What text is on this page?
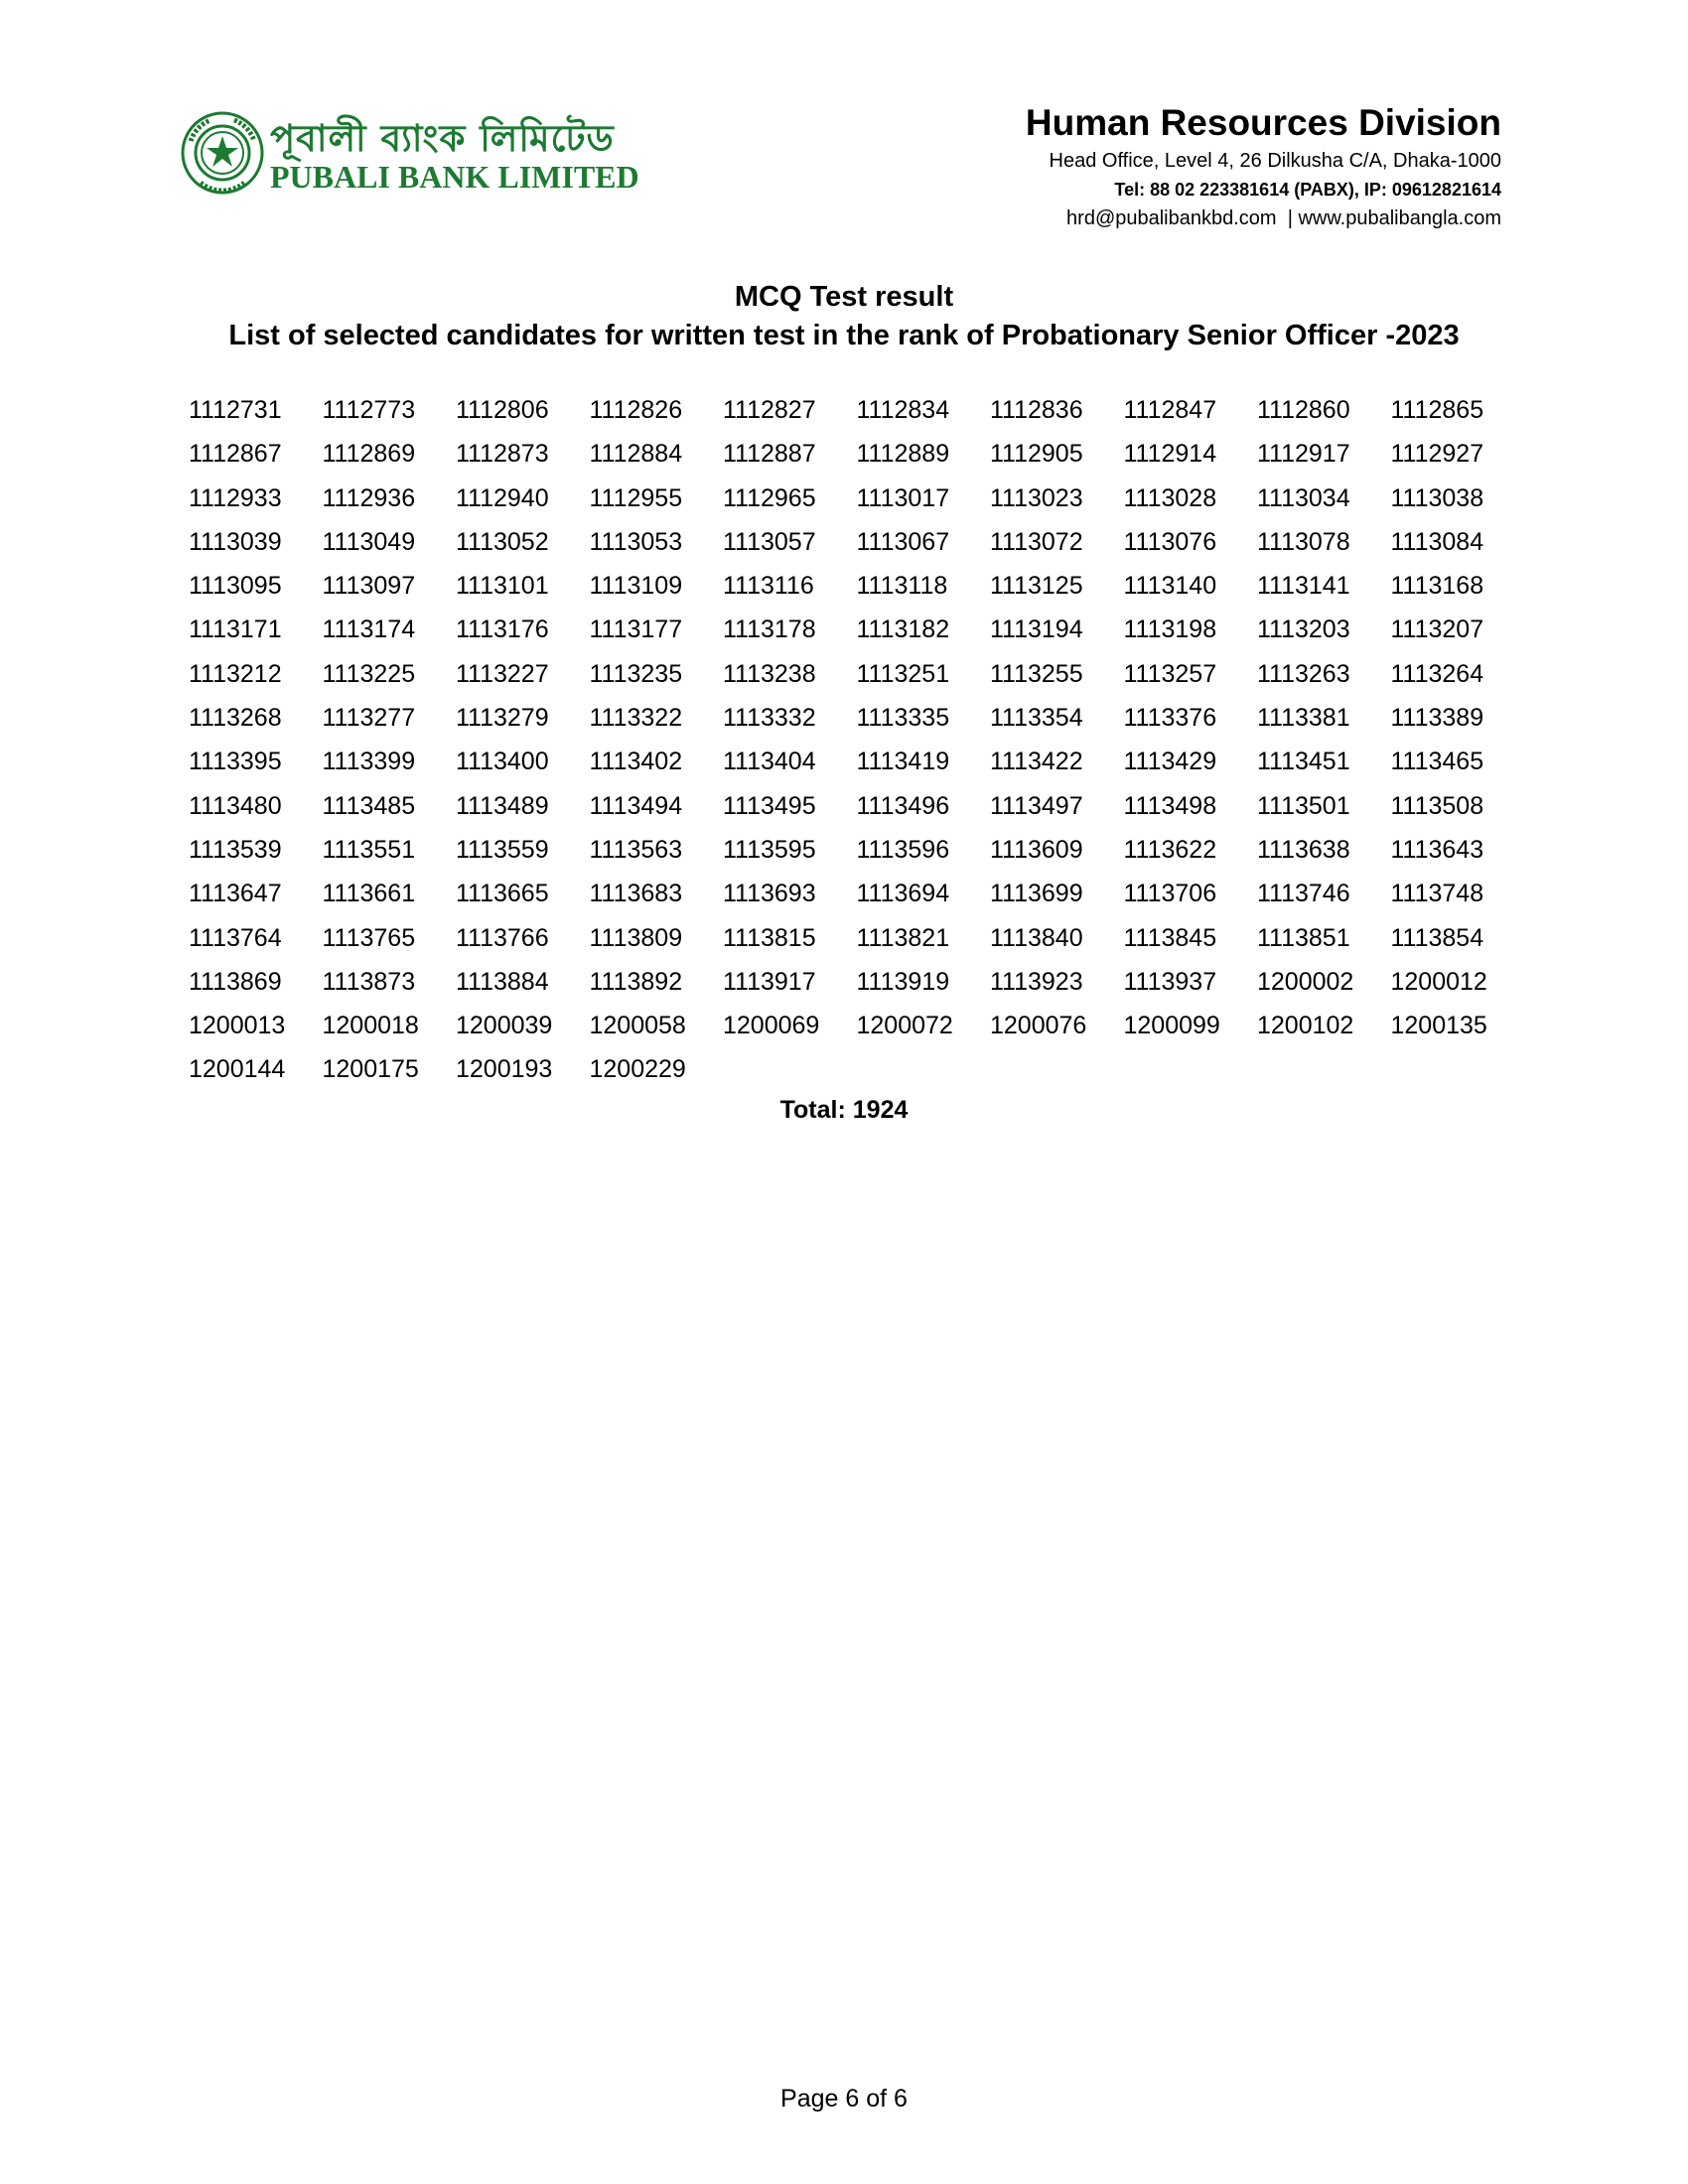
পূবালী ব্যাংক লিমিটেড
PUBALI BANK LIMITED
Human Resources Division
Head Office, Level 4, 26 Dilkusha C/A, Dhaka-1000
Tel: 88 02 223381614 (PABX), IP: 09612821614
hrd@pubalibankbd.com  | www.pubalibangla.com
MCQ Test result
List of selected candidates for written test in the rank of Probationary Senior Officer -2023
1112731	1112773	1112806	1112826	1112827	1112834	1112836	1112847	1112860	1112865
1112867	1112869	1112873	1112884	1112887	1112889	1112905	1112914	1112917	1112927
1112933	1112936	1112940	1112955	1112965	1113017	1113023	1113028	1113034	1113038
1113039	1113049	1113052	1113053	1113057	1113067	1113072	1113076	1113078	1113084
1113095	1113097	1113101	1113109	1113116	1113118	1113125	1113140	1113141	1113168
1113171	1113174	1113176	1113177	1113178	1113182	1113194	1113198	1113203	1113207
1113212	1113225	1113227	1113235	1113238	1113251	1113255	1113257	1113263	1113264
1113268	1113277	1113279	1113322	1113332	1113335	1113354	1113376	1113381	1113389
1113395	1113399	1113400	1113402	1113404	1113419	1113422	1113429	1113451	1113465
1113480	1113485	1113489	1113494	1113495	1113496	1113497	1113498	1113501	1113508
1113539	1113551	1113559	1113563	1113595	1113596	1113609	1113622	1113638	1113643
1113647	1113661	1113665	1113683	1113693	1113694	1113699	1113706	1113746	1113748
1113764	1113765	1113766	1113809	1113815	1113821	1113840	1113845	1113851	1113854
1113869	1113873	1113884	1113892	1113917	1113919	1113923	1113937	1200002	1200012
1200013	1200018	1200039	1200058	1200069	1200072	1200076	1200099	1200102	1200135
1200144	1200175	1200193	1200229
Total: 1924
Page 6 of 6
